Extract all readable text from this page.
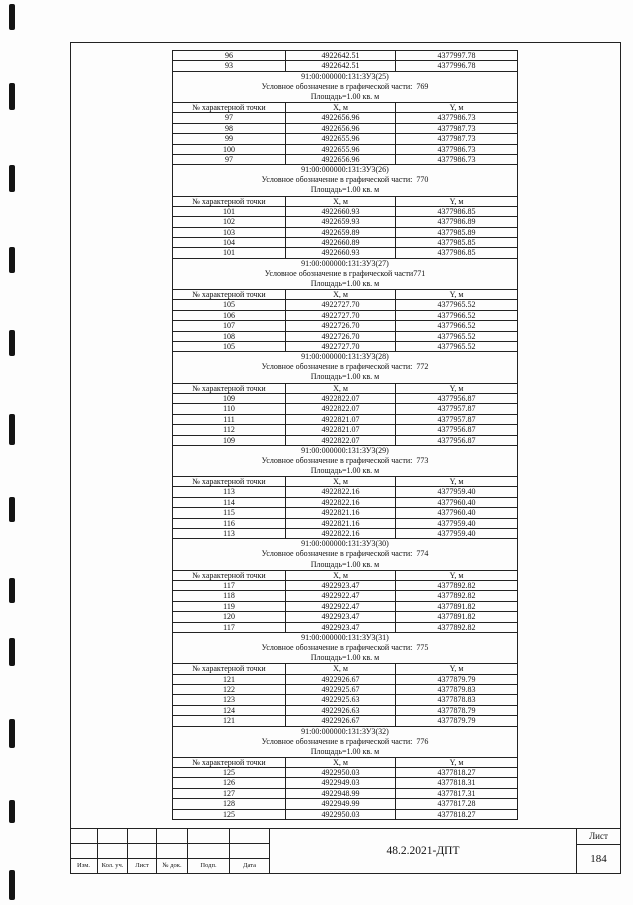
96	4922642.51	4377997.78
93	4922642.51	4377996.78
91:00:000000:131:ЗУ3(25)
Условное обозначение в графической части:  769
Площадь=1.00 кв. м
№ характерной точки	X, м	Y, м
97	4922656.96	4377986.73
98	4922656.96	4377987.73
99	4922655.96	4377987.73
100	4922655.96	4377986.73
97	4922656.96	4377986.73
91:00:000000:131:ЗУ3(26)
Условное обозначение в графической части:  770
Площадь=1.00 кв. м
№ характерной точки	X, м	Y, м
101	4922660.93	4377986.85
102	4922659.93	4377986.89
103	4922659.89	4377985.89
104	4922660.89	4377985.85
101	4922660.93	4377986.85
91:00:000000:131:ЗУ3(27)
Условное обозначение в графической части771
Площадь=1.00 кв. м
№ характерной точки	X, м	Y, м
105	4922727.70	4377965.52
106	4922727.70	4377966.52
107	4922726.70	4377966.52
108	4922726.70	4377965.52
105	4922727.70	4377965.52
91:00:000000:131:ЗУ3(28)
Условное обозначение в графической части:  772
Площадь=1.00 кв. м
№ характерной точки	X, м	Y, м
109	4922822.07	4377956.87
110	4922822.07	4377957.87
111	4922821.07	4377957.87
112	4922821.07	4377956.87
109	4922822.07	4377956.87
91:00:000000:131:ЗУ3(29)
Условное обозначение в графической части:  773
Площадь=1.00 кв. м
№ характерной точки	X, м	Y, м
113	4922822.16	4377959.40
114	4922822.16	4377960.40
115	4922821.16	4377960.40
116	4922821.16	4377959.40
113	4922822.16	4377959.40
91:00:000000:131:ЗУ3(30)
Условное обозначение в графической части:  774
Площадь=1.00 кв. м
№ характерной точки	X, м	Y, м
117	4922923.47	4377892.82
118	4922922.47	4377892.82
119	4922922.47	4377891.82
120	4922923.47	4377891.82
117	4922923.47	4377892.82
91:00:000000:131:ЗУ3(31)
Условное обозначение в графической части:  775
Площадь=1.00 кв. м
№ характерной точки	X, м	Y, м
121	4922926.67	4377879.79
122	4922925.67	4377879.83
123	4922925.63	4377878.83
124	4922926.63	4377878.79
121	4922926.67	4377879.79
91:00:000000:131:ЗУ3(32)
Условное обозначение в графической части:  776
Площадь=1.00 кв. м
№ характерной точки	X, м	Y, м
125	4922950.03	4377818.27
126	4922949.03	4377818.31
127	4922948.99	4377817.31
128	4922949.99	4377817.28
125	4922950.03	4377818.27
Изм.	Кол. уч.	Лист	№ док.	Подп.	Дата
48.2.2021-ДПТ
Лист
184
